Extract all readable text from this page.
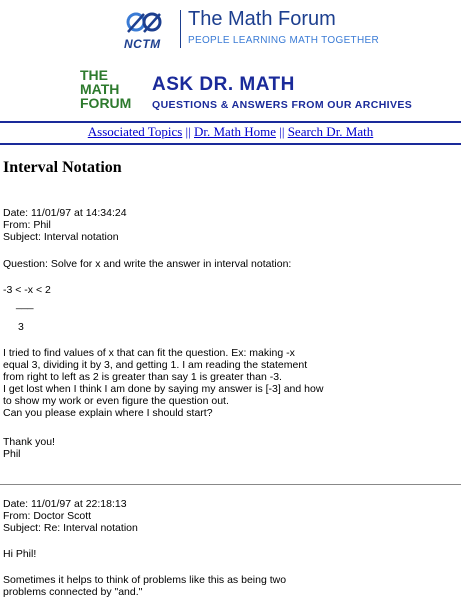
NCTM
The Math Forum
PEOPLE LEARNING MATH TOGETHER
THE
MATH
FORUM
ASK DR. MATH
QUESTIONS & ANSWERS FROM OUR ARCHIVES
Associated Topics || Dr. Math Home || Search Dr. Math
Interval Notation
Date: 11/01/97 at 14:34:24
From: Phil
Subject: Interval notation
Question: Solve for x and write the answer in interval notation:
-3 < -x < 2
___
3
I tried to find values of x that can fit the question. Ex: making -x
equal 3, dividing it by 3, and getting 1. I am reading the statement
from right to left as 2 is greater than say 1 is greater than -3.
I get lost when I think I am done by saying my answer is [-3] and how
to show my work or even figure the question out.
Can you please explain where I should start?
Thank you!
Phil
Date: 11/01/97 at 22:18:13
From: Doctor Scott
Subject: Re: Interval notation
Hi Phil!
Sometimes it helps to think of problems like this as being two
problems connected by "and."
